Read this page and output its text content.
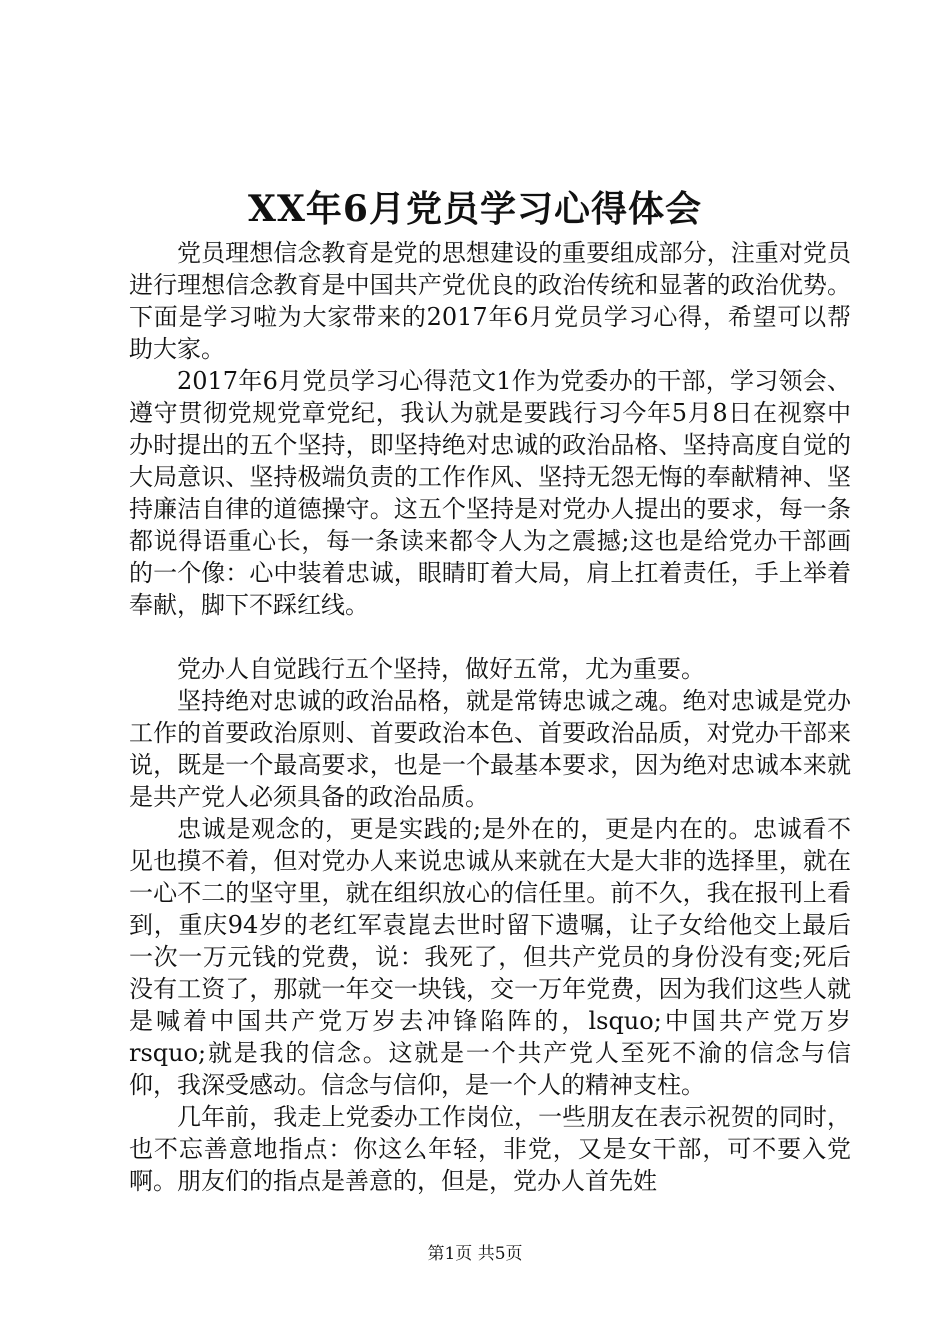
XX年6月党员学习心得体会

党员理想信念教育是党的思想建设的重要组成部分，注重对党员进行理想信念教育是中国共产党优良的政治传统和显著的政治优势。下面是学习啦为大家带来的2017年6月党员学习心得，希望可以帮助大家。

2017年6月党员学习心得范文1作为党委办的干部，学习领会、遵守贯彻党规党章党纪，我认为就是要践行习今年5月8日在视察中办时提出的五个坚持，即坚持绝对忠诚的政治品格、坚持高度自觉的大局意识、坚持极端负责的工作作风、坚持无怨无悔的奉献精神、坚持廉洁自律的道德操守。这五个坚持是对党办人提出的要求，每一条都说得语重心长，每一条读来都令人为之震撼;这也是给党办干部画的一个像：心中装着忠诚，眼睛盯着大局，肩上扛着责任，手上举着奉献，脚下不踩红线。

党办人自觉践行五个坚持，做好五常，尤为重要。

坚持绝对忠诚的政治品格，就是常铸忠诚之魂。绝对忠诚是党办工作的首要政治原则、首要政治本色、首要政治品质，对党办干部来说，既是一个最高要求，也是一个最基本要求，因为绝对忠诚本来就是共产党人必须具备的政治品质。

忠诚是观念的，更是实践的;是外在的，更是内在的。忠诚看不见也摸不着，但对党办人来说忠诚从来就在大是大非的选择里，就在一心不二的坚守里，就在组织放心的信任里。前不久，我在报刊上看到，重庆94岁的老红军袁崑去世时留下遗嘱，让子女给他交上最后一次一万元钱的党费，说：我死了，但共产党员的身份没有变;死后没有工资了，那就一年交一块钱，交一万年党费，因为我们这些人就是喊着中国共产党万岁去冲锋陷阵的，lsquo;中国共产党万岁rsquo;就是我的信念。这就是一个共产党人至死不渝的信念与信仰，我深受感动。信念与信仰，是一个人的精神支柱。

几年前，我走上党委办工作岗位，一些朋友在表示祝贺的同时，也不忘善意地指点：你这么年轻，非党，又是女干部，可不要入党啊。朋友们的指点是善意的，但是，党办人首先姓

第1页 共5页
